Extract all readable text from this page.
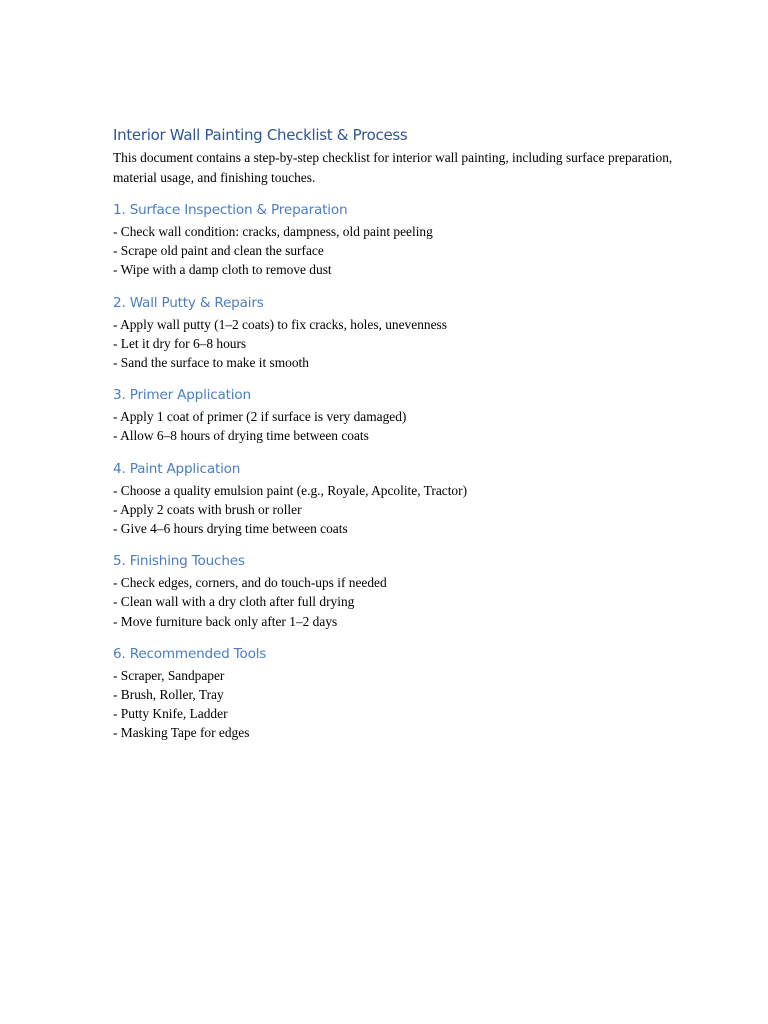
Interior Wall Painting Checklist & Process

This document contains a step-by-step checklist for interior wall painting, including surface preparation, material usage, and finishing touches.

1. Surface Inspection & Preparation

- Check wall condition: cracks, dampness, old paint peeling

- Scrape old paint and clean the surface

- Wipe with a damp cloth to remove dust

2. Wall Putty & Repairs

- Apply wall putty (1–2 coats) to fix cracks, holes, unevenness

- Let it dry for 6–8 hours

- Sand the surface to make it smooth

3. Primer Application

- Apply 1 coat of primer (2 if surface is very damaged)

- Allow 6–8 hours of drying time between coats

4. Paint Application

- Choose a quality emulsion paint (e.g., Royale, Apcolite, Tractor)

- Apply 2 coats with brush or roller

- Give 4–6 hours drying time between coats

5. Finishing Touches

- Check edges, corners, and do touch-ups if needed

- Clean wall with a dry cloth after full drying

- Move furniture back only after 1–2 days

6. Recommended Tools

- Scraper, Sandpaper

- Brush, Roller, Tray

- Putty Knife, Ladder

- Masking Tape for edges
